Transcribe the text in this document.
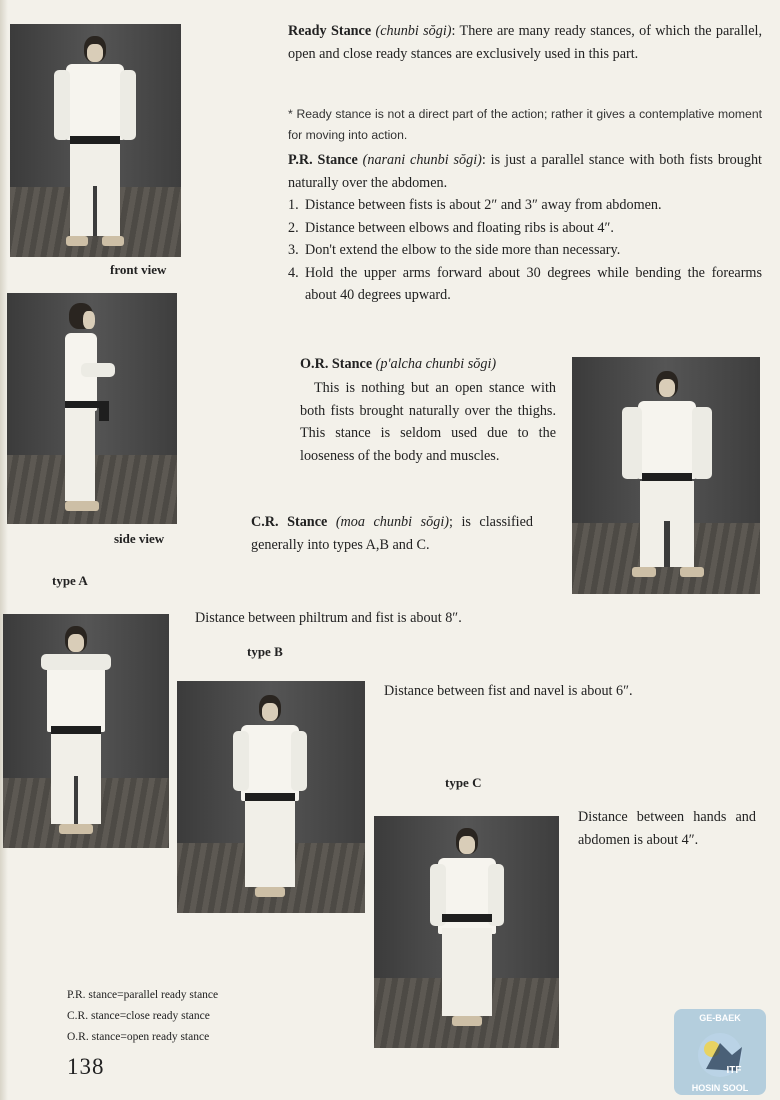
front view
side view
Ready Stance (chunbi sŏgi): There are many ready stances, of which the parallel, open and close ready stances are exclusively used in this part.
* Ready stance is not a direct part of the action; rather it gives a contemplative moment for moving into action.
P.R. Stance (narani chunbi sŏgi): is just a parallel stance with both fists brought naturally over the abdomen.
1. Distance between fists is about 2″ and 3″ away from abdomen.
2. Distance between elbows and floating ribs is about 4″.
3. Don't extend the elbow to the side more than necessary.
4. Hold the upper arms forward about 30 degrees while bending the forearms about 40 degrees upward.
O.R. Stance (p'alcha chunbi sŏgi)
This is nothing but an open stance with both fists brought naturally over the thighs. This stance is seldom used due to the looseness of the body and muscles.
C.R. Stance (moa chunbi sŏgi); is classified generally into types A,B and C.
type A
Distance between philtrum and fist is about 8″.
type B
Distance between fist and navel is about 6″.
type C
Distance between hands and abdomen is about 4″.
P.R. stance=parallel ready stance
C.R. stance=close ready stance
O.R. stance=open ready stance
138
GE-BAEK
ITF
HOSIN SOOL
